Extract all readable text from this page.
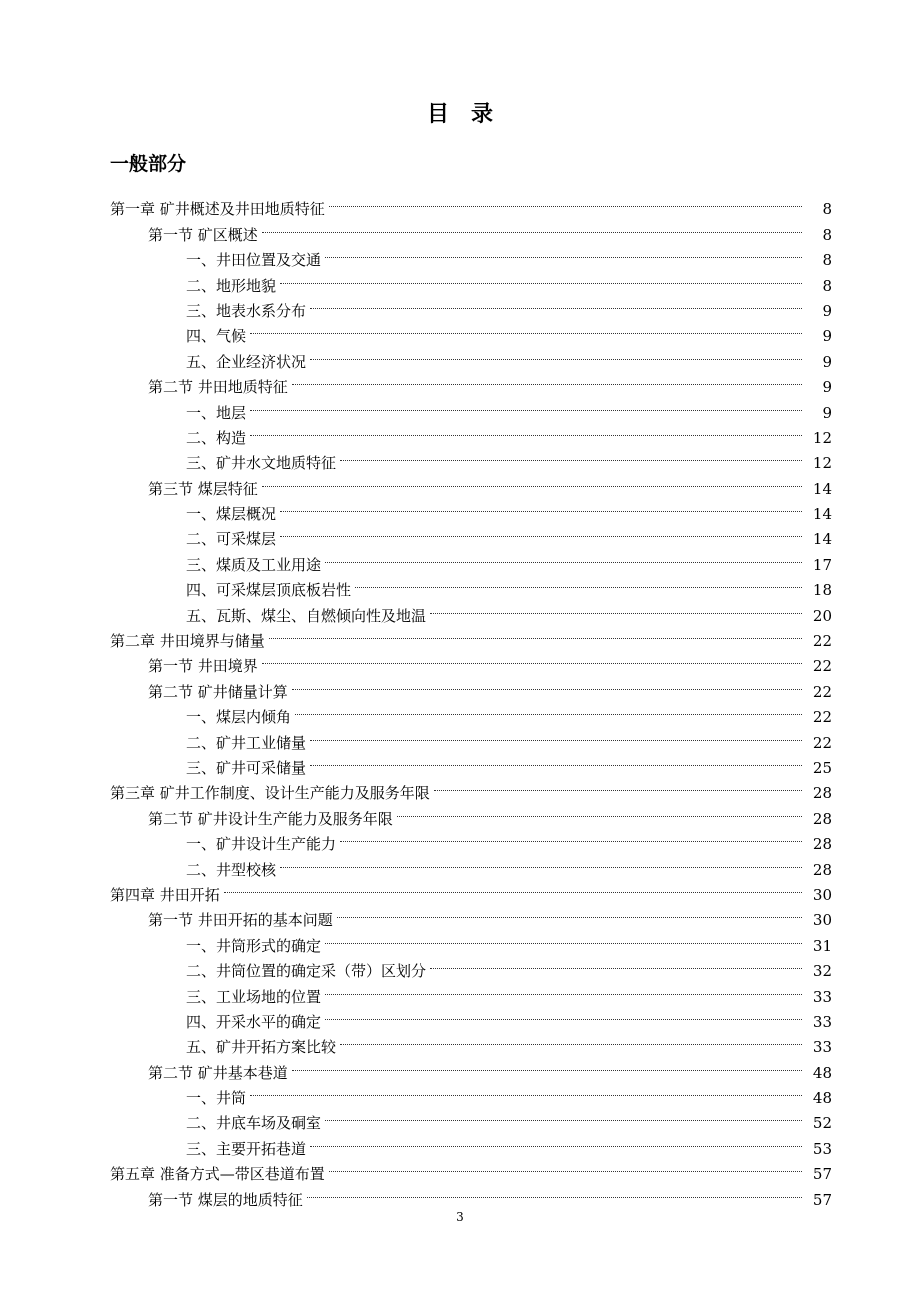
目　录
一般部分
第一章 矿井概述及井田地质特征	8
第一节 矿区概述	8
一、井田位置及交通	8
二、地形地貌	8
三、地表水系分布	9
四、气候	9
五、企业经济状况	9
第二节 井田地质特征	9
一、地层	9
二、构造	12
三、矿井水文地质特征	12
第三节 煤层特征	14
一、煤层概况	14
二、可采煤层	14
三、煤质及工业用途	17
四、可采煤层顶底板岩性	18
五、瓦斯、煤尘、自燃倾向性及地温	20
第二章 井田境界与储量	22
第一节 井田境界	22
第二节 矿井储量计算	22
一、煤层内倾角	22
二、矿井工业储量	22
三、矿井可采储量	25
第三章 矿井工作制度、设计生产能力及服务年限	28
第二节 矿井设计生产能力及服务年限	28
一、矿井设计生产能力	28
二、井型校核	28
第四章 井田开拓	30
第一节 井田开拓的基本问题	30
一、井筒形式的确定	31
二、井筒位置的确定采（带）区划分	32
三、工业场地的位置	33
四、开采水平的确定	33
五、矿井开拓方案比较	33
第二节 矿井基本巷道	48
一、井筒	48
二、井底车场及硐室	52
三、主要开拓巷道	53
第五章 准备方式—带区巷道布置	57
第一节 煤层的地质特征	57
3
